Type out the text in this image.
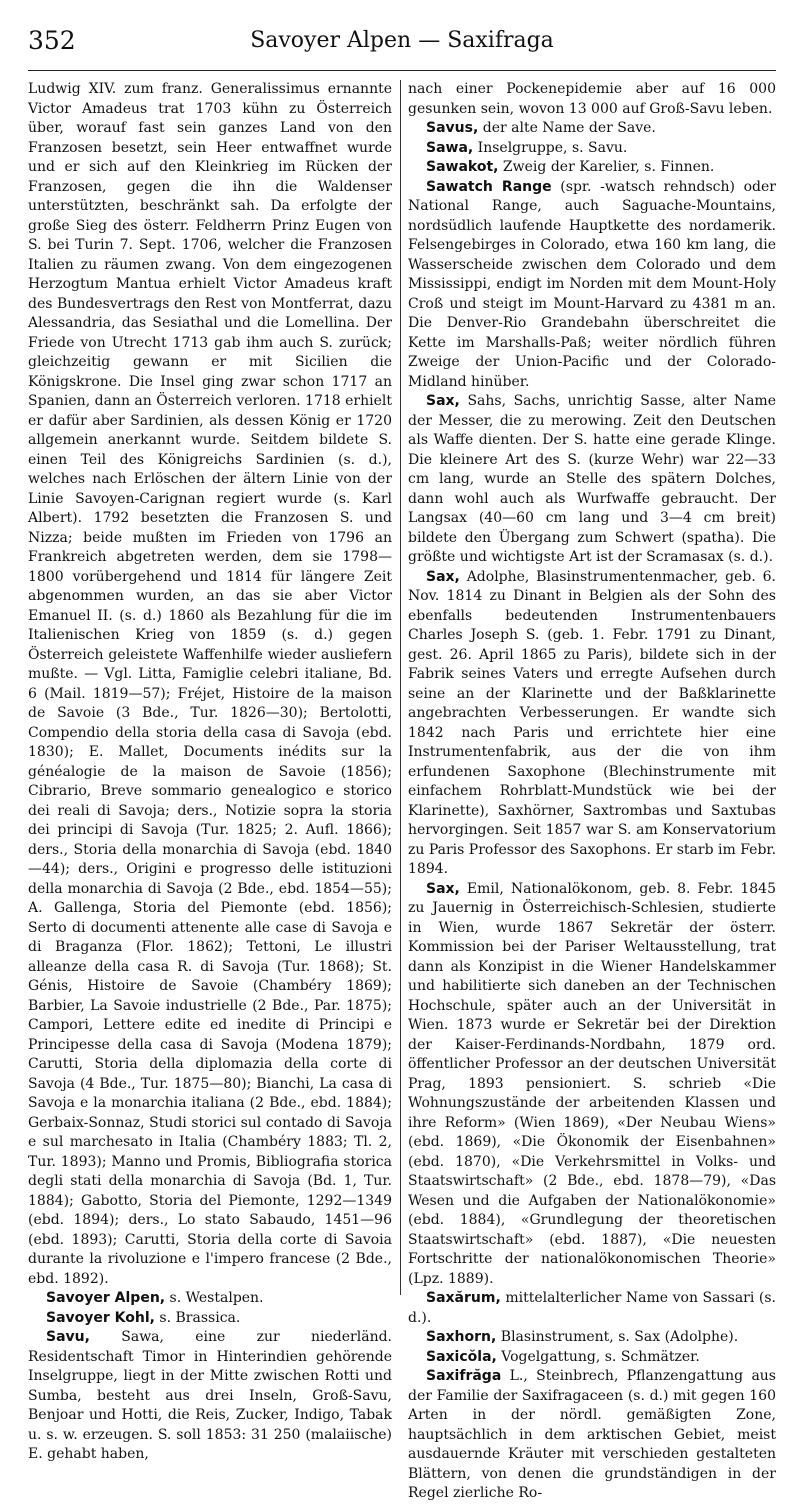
352	Savoyer Alpen — Saxifraga

Ludwig XIV. zum franz. Generalissimus ernannte Victor Amadeus trat 1703 kühn zu Österreich über, worauf fast sein ganzes Land von den Franzosen besetzt, sein Heer entwaffnet wurde und er sich auf den Kleinkrieg im Rücken der Franzosen, gegen die ihn die Waldenser unterstützten, beschränkt sah. Da erfolgte der große Sieg des österr. Feldherrn Prinz Eugen von S. bei Turin 7. Sept. 1706, welcher die Franzosen Italien zu räumen zwang. Von dem eingezogenen Herzogtum Mantua erhielt Victor Amadeus kraft des Bundesvertrags den Rest von Montferrat, dazu Alessandria, das Sesiathal und die Lomellina. Der Friede von Utrecht 1713 gab ihm auch S. zurück; gleichzeitig gewann er mit Sicilien die Königskrone. Die Insel ging zwar schon 1717 an Spanien, dann an Österreich verloren. 1718 erhielt er dafür aber Sardinien, als dessen König er 1720 allgemein anerkannt wurde. Seitdem bildete S. einen Teil des Königreichs Sardinien (s. d.), welches nach Erlöschen der ältern Linie von der Linie Savoyen-Carignan regiert wurde (s. Karl Albert). 1792 besetzten die Franzosen S. und Nizza; beide mußten im Frieden von 1796 an Frankreich abgetreten werden, dem sie 1798—1800 vorübergehend und 1814 für längere Zeit abgenommen wurden, an das sie aber Victor Emanuel II. (s. d.) 1860 als Bezahlung für die im Italienischen Krieg von 1859 (s. d.) gegen Österreich geleistete Waffenhilfe wieder ausliefern mußte. — Vgl. Litta, Famiglie celebri italiane, Bd. 6 (Mail. 1819—57); Fréjet, Histoire de la maison de Savoie (3 Bde., Tur. 1826—30); Bertolotti, Compendio della storia della casa di Savoja (ebd. 1830); E. Mallet, Documents inédits sur la généalogie de la maison de Savoie (1856); Cibrario, Breve sommario genealogico e storico dei reali di Savoja; ders., Notizie sopra la storia dei principi di Savoja (Tur. 1825; 2. Aufl. 1866); ders., Storia della monarchia di Savoja (ebd. 1840—44); ders., Origini e progresso delle istituzioni della monarchia di Savoja (2 Bde., ebd. 1854—55); A. Gallenga, Storia del Piemonte (ebd. 1856); Serto di documenti attenente alle case di Savoja e di Braganza (Flor. 1862); Tettoni, Le illustri alleanze della casa R. di Savoja (Tur. 1868); St. Génis, Histoire de Savoie (Chambéry 1869); Barbier, La Savoie industrielle (2 Bde., Par. 1875); Campori, Lettere edite ed inedite di Principi e Principesse della casa di Savoja (Modena 1879); Carutti, Storia della diplomazia della corte di Savoja (4 Bde., Tur. 1875—80); Bianchi, La casa di Savoja e la monarchia italiana (2 Bde., ebd. 1884); Gerbaix-Sonnaz, Studi storici sul contado di Savoja e sul marchesato in Italia (Chambéry 1883; Tl. 2, Tur. 1893); Manno und Promis, Bibliografia storica degli stati della monarchia di Savoja (Bd. 1, Tur. 1884); Gabotto, Storia del Piemonte, 1292—1349 (ebd. 1894); ders., Lo stato Sabaudo, 1451—96 (ebd. 1893); Carutti, Storia della corte di Savoia durante la rivoluzione e l'impero francese (2 Bde., ebd. 1892).

Savoyer Alpen, s. Westalpen.

Savoyer Kohl, s. Brassica.

Savu, Sawa, eine zur niederländ. Residentschaft Timor in Hinterindien gehörende Inselgruppe, liegt in der Mitte zwischen Rotti und Sumba, besteht aus drei Inseln, Groß-Savu, Benjoar und Hotti, die Reis, Zucker, Indigo, Tabak u. s. w. erzeugen. S. soll 1853: 31 250 (malaiische) E. gehabt haben,

nach einer Pockenepidemie aber auf 16 000 gesunken sein, wovon 13 000 auf Groß-Savu leben.

Savus, der alte Name der Save.

Sawa, Inselgruppe, s. Savu.

Sawakot, Zweig der Karelier, s. Finnen.

Sawatch Range (spr. -watsch rehndsch) oder National Range, auch Saguache-Mountains, nordsüdlich laufende Hauptkette des nordamerik. Felsengebirges in Colorado, etwa 160 km lang, die Wasserscheide zwischen dem Colorado und dem Mississippi, endigt im Norden mit dem Mount-Holy Croß und steigt im Mount-Harvard zu 4381 m an. Die Denver-Rio Grandebahn überschreitet die Kette im Marshalls-Paß; weiter nördlich führen Zweige der Union-Pacific und der Colorado-Midland hinüber.

Sax, Sahs, Sachs, unrichtig Sasse, alter Name der Messer, die zu merowing. Zeit den Deutschen als Waffe dienten. Der S. hatte eine gerade Klinge. Die kleinere Art des S. (kurze Wehr) war 22—33 cm lang, wurde an Stelle des spätern Dolches, dann wohl auch als Wurfwaffe gebraucht. Der Langsax (40—60 cm lang und 3—4 cm breit) bildete den Übergang zum Schwert (spatha). Die größte und wichtigste Art ist der Scramasax (s. d.).

Sax, Adolphe, Blasinstrumentenmacher, geb. 6. Nov. 1814 zu Dinant in Belgien als der Sohn des ebenfalls bedeutenden Instrumentenbauers Charles Joseph S. (geb. 1. Febr. 1791 zu Dinant, gest. 26. April 1865 zu Paris), bildete sich in der Fabrik seines Vaters und erregte Aufsehen durch seine an der Klarinette und der Baßklarinette angebrachten Verbesserungen. Er wandte sich 1842 nach Paris und errichtete hier eine Instrumentenfabrik, aus der die von ihm erfundenen Saxophone (Blechinstrumente mit einfachem Rohrblatt-Mundstück wie bei der Klarinette), Saxhörner, Saxtrombas und Saxtubas hervorgingen. Seit 1857 war S. am Konservatorium zu Paris Professor des Saxophons. Er starb im Febr. 1894.

Sax, Emil, Nationalökonom, geb. 8. Febr. 1845 zu Jauernig in Österreichisch-Schlesien, studierte in Wien, wurde 1867 Sekretär der österr. Kommission bei der Pariser Weltausstellung, trat dann als Konzipist in die Wiener Handelskammer und habilitierte sich daneben an der Technischen Hochschule, später auch an der Universität in Wien. 1873 wurde er Sekretär bei der Direktion der Kaiser-Ferdinands-Nordbahn, 1879 ord. öffentlicher Professor an der deutschen Universität Prag, 1893 pensioniert. S. schrieb «Die Wohnungszustände der arbeitenden Klassen und ihre Reform» (Wien 1869), «Der Neubau Wiens» (ebd. 1869), «Die Ökonomik der Eisenbahnen» (ebd. 1870), «Die Verkehrsmittel in Volks- und Staatswirtschaft» (2 Bde., ebd. 1878—79), «Das Wesen und die Aufgaben der Nationalökonomie» (ebd. 1884), «Grundlegung der theoretischen Staatswirtschaft» (ebd. 1887), «Die neuesten Fortschritte der nationalökonomischen Theorie» (Lpz. 1889).

Saxărum, mittelalterlicher Name von Sassari (s. d.).

Saxhorn, Blasinstrument, s. Sax (Adolphe).

Saxicŏla, Vogelgattung, s. Schmätzer.

Saxifrăga L., Steinbrech, Pflanzengattung aus der Familie der Saxifragaceen (s. d.) mit gegen 160 Arten in der nördl. gemäßigten Zone, hauptsächlich in dem arktischen Gebiet, meist ausdauernde Kräuter mit verschieden gestalteten Blättern, von denen die grundständigen in der Regel zierliche Ro-
